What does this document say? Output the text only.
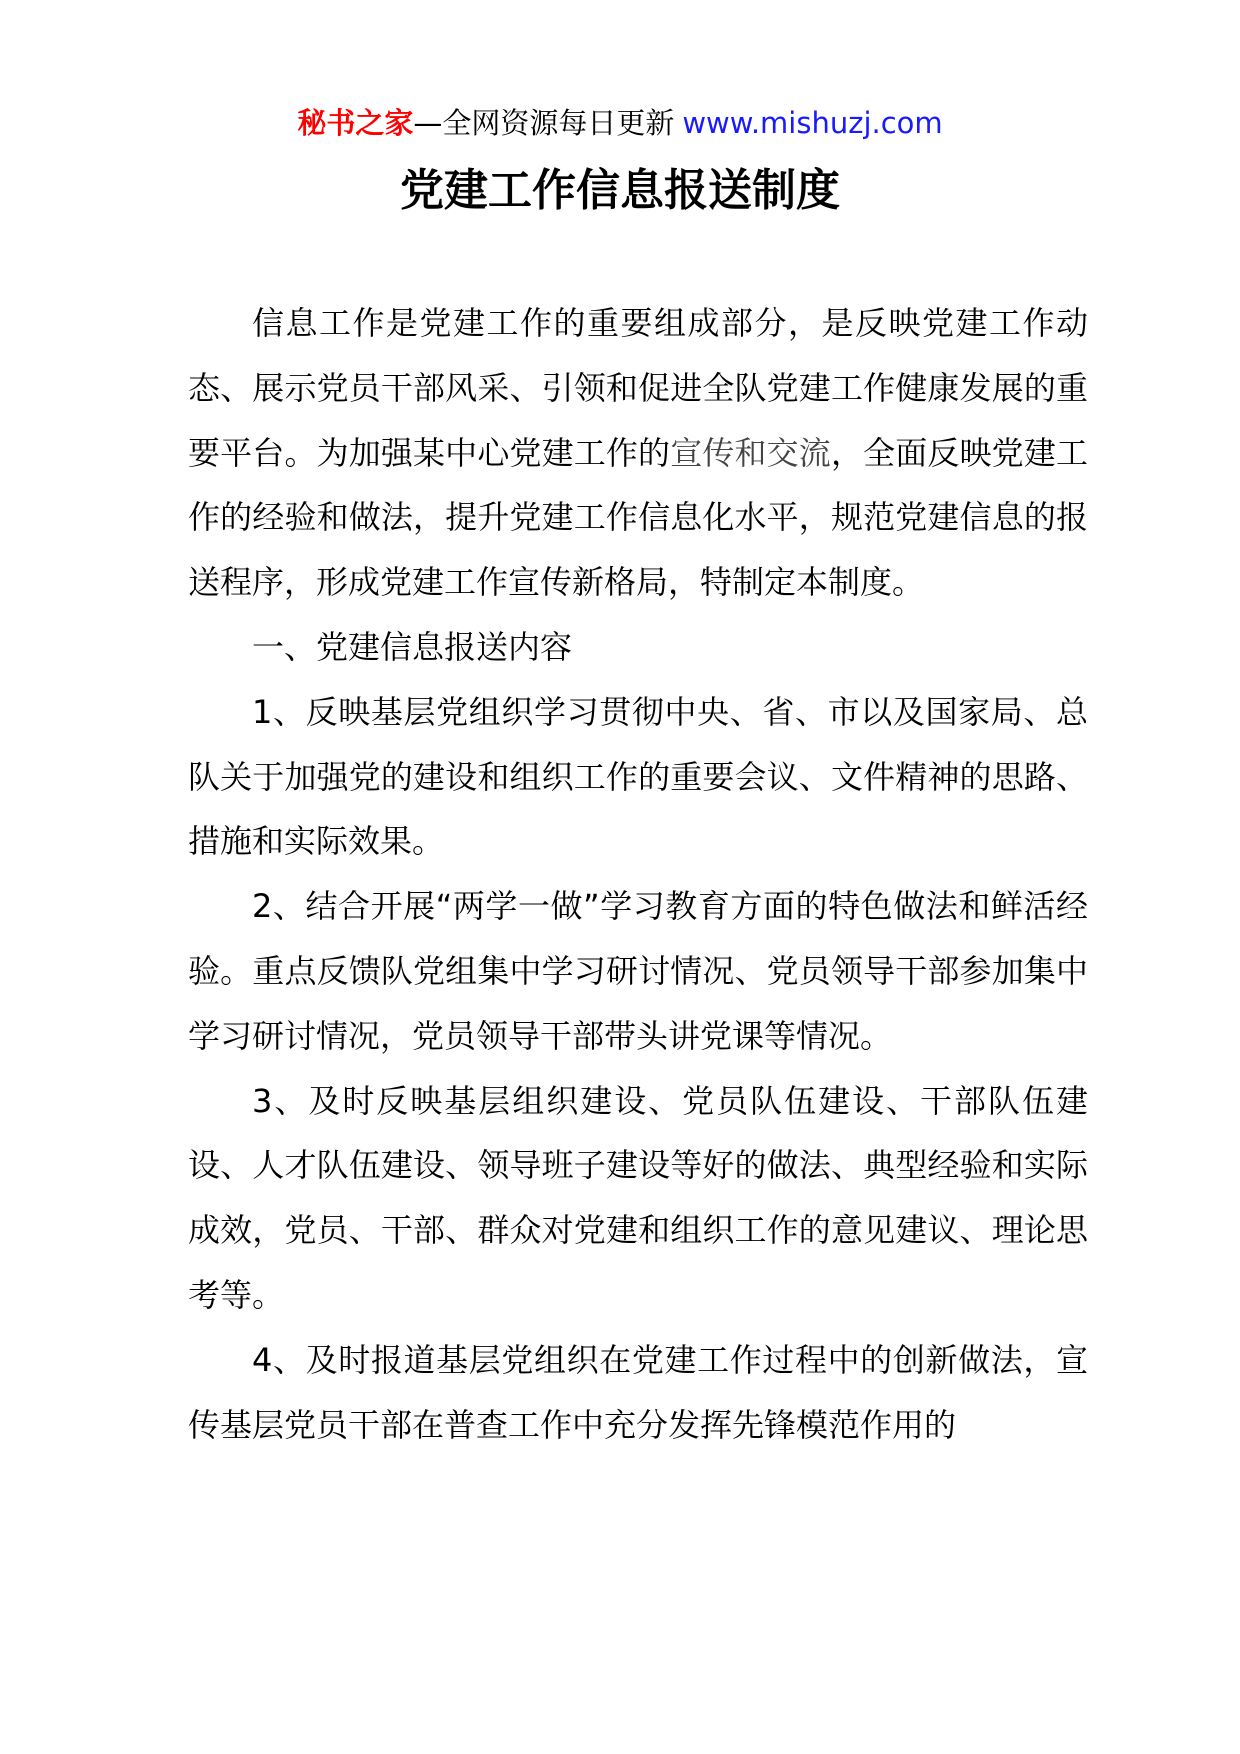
秘书之家—全网资源每日更新 www.mishuzj.com
党建工作信息报送制度

信息工作是党建工作的重要组成部分，是反映党建工作动态、展示党员干部风采、引领和促进全队党建工作健康发展的重要平台。为加强某中心党建工作的宣传和交流，全面反映党建工作的经验和做法，提升党建工作信息化水平，规范党建信息的报送程序，形成党建工作宣传新格局，特制定本制度。

一、党建信息报送内容

1、反映基层党组织学习贯彻中央、省、市以及国家局、总队关于加强党的建设和组织工作的重要会议、文件精神的思路、措施和实际效果。

2、结合开展“两学一做”学习教育方面的特色做法和鲜活经验。重点反馈队党组集中学习研讨情况、党员领导干部参加集中学习研讨情况，党员领导干部带头讲党课等情况。

3、及时反映基层组织建设、党员队伍建设、干部队伍建设、人才队伍建设、领导班子建设等好的做法、典型经验和实际成效，党员、干部、群众对党建和组织工作的意见建议、理论思考等。

4、及时报道基层党组织在党建工作过程中的创新做法，宣传基层党员干部在普查工作中充分发挥先锋模范作用的
